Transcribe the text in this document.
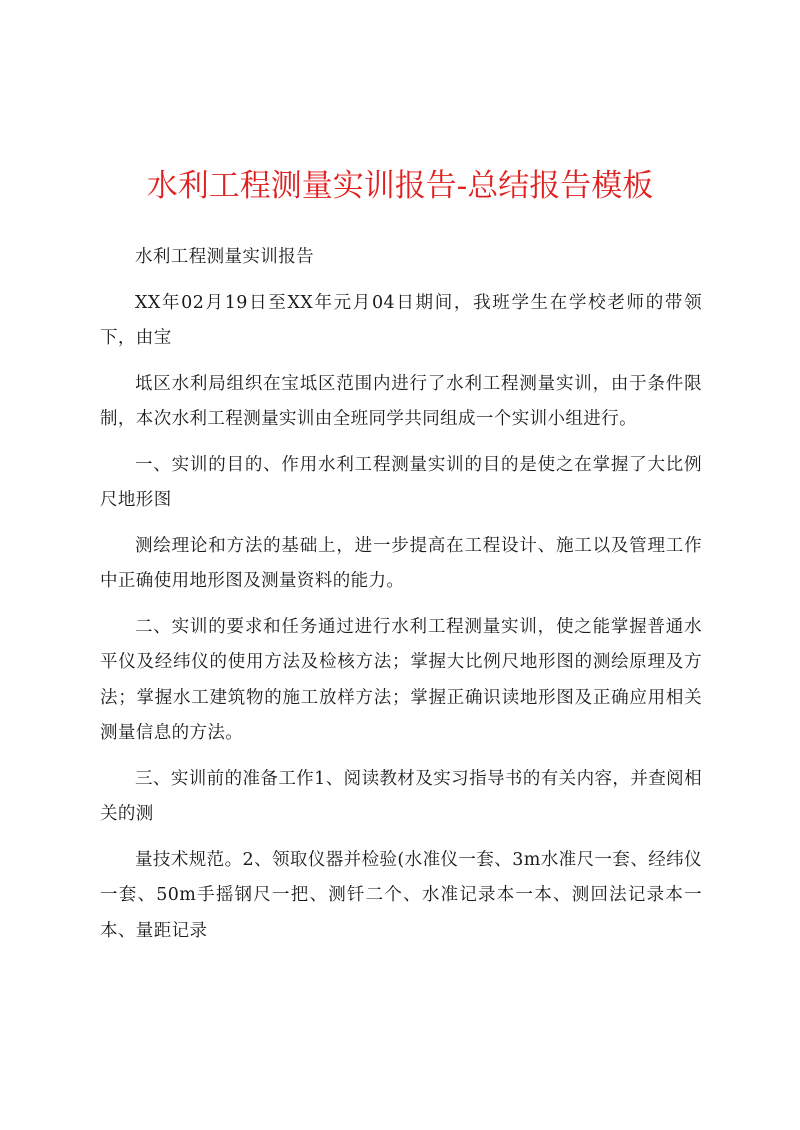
水利工程测量实训报告-总结报告模板

水利工程测量实训报告

XX年02月19日至XX年元月04日期间，我班学生在学校老师的带领下，由宝

坻区水利局组织在宝坻区范围内进行了水利工程测量实训，由于条件限制，本次水利工程测量实训由全班同学共同组成一个实训小组进行。

一、实训的目的、作用水利工程测量实训的目的是使之在掌握了大比例尺地形图

测绘理论和方法的基础上，进一步提高在工程设计、施工以及管理工作中正确使用地形图及测量资料的能力。

二、实训的要求和任务通过进行水利工程测量实训，使之能掌握普通水平仪及经纬仪的使用方法及检核方法；掌握大比例尺地形图的测绘原理及方法；掌握水工建筑物的施工放样方法；掌握正确识读地形图及正确应用相关测量信息的方法。

三、实训前的准备工作1、阅读教材及实习指导书的有关内容，并查阅相关的测

量技术规范。2、领取仪器并检验(水准仪一套、3m水准尺一套、经纬仪一套、50m手摇钢尺一把、测钎二个、水准记录本一本、测回法记录本一本、量距记录
